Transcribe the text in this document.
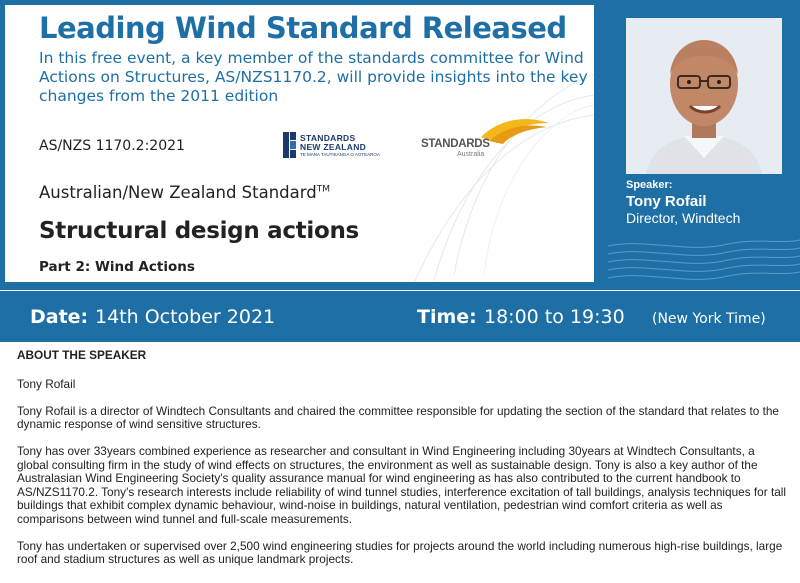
Leading Wind Standard Released

In this free event, a key member of the standards committee for Wind Actions on Structures, AS/NZS1170.2, will provide insights into the key changes from the 2011 edition

AS/NZS 1170.2:2021	STANDARDS
NEW ZEALAND
TE MANA TAUTIKANGA O AOTEAROA
STANDARDS
Australia
Australian/New Zealand Standard™
Structural design actions
Part 2: Wind Actions
Speaker:
Tony Rofail
Director, Windtech
Date: 14th October 2021	Time: 18:00 to 19:30 (New York Time)
ABOUT THE SPEAKER

Tony Rofail

Tony Rofail is a director of Windtech Consultants and chaired the committee responsible for updating the section of the standard that relates to the dynamic response of wind sensitive structures.

Tony has over 33years combined experience as researcher and consultant in Wind Engineering including 30years at Windtech Consultants, a global consulting firm in the study of wind effects on structures, the environment as well as sustainable design. Tony is also a key author of the Australasian Wind Engineering Society's quality assurance manual for wind engineering as has also contributed to the current handbook to AS/NZS1170.2. Tony's research interests include reliability of wind tunnel studies, interference excitation of tall buildings, analysis techniques for tall buildings that exhibit complex dynamic behaviour, wind-noise in buildings, natural ventilation, pedestrian wind comfort criteria as well as comparisons between wind tunnel and full-scale measurements.

Tony has undertaken or supervised over 2,500 wind engineering studies for projects around the world including numerous high-rise buildings, large roof and stadium structures as well as unique landmark projects.
